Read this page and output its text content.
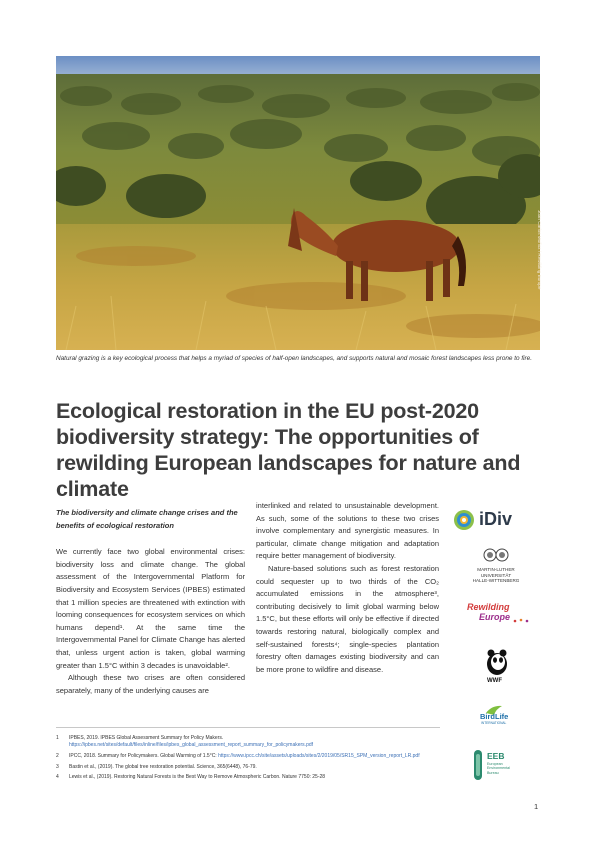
Juan Carlos Muñoz / Rewilding Europe
Natural grazing is a key ecological process that helps a myriad of species of half-open landscapes, and supports natural and mosaic forest landscapes less prone to fire.
Ecological restoration in the EU post-2020 biodiversity strategy: The opportunities of rewilding European landscapes for nature and climate
The biodiversity and climate change crises and the benefits of ecological restoration

We currently face two global environmental crises: biodiversity loss and climate change. The global assessment of the Intergovernmental Platform for Biodiversity and Ecosystem Services (IPBES) estimated that 1 million species are threatened with extinction with looming consequences for ecosystem services on which humans depend¹. At the same time the Intergovernmental Panel for Climate Change has alerted that, unless urgent action is taken, global warming greater than 1.5°C within 3 decades is unavoidable².

Although these two crises are often considered separately, many of the underlying causes are

interlinked and related to unsustainable development. As such, some of the solutions to these two crises involve complementary and synergistic measures. In particular, climate change mitigation and adaptation require better management of biodiversity.

Nature-based solutions such as forest restoration could sequester up to two thirds of the CO₂ accumulated emissions in the atmosphere³, contributing decisively to limit global warming below 1.5°C, but these efforts will only be effective if directed towards restoring natural, biologically complex and self-sustained forests⁴; single-species plantation forestry often damages existing biodiversity and can be more prone to wildfire and disease.

1	IPBES, 2019. IPBES Global Assessment Summary for Policy Makers. https://ipbes.net/sites/default/files/inline/files/ipbes_global_assessment_report_summary_for_policymakers.pdf
2	IPCC, 2018. Summary for Policymakers. Global Warming of 1.5°C: https://www.ipcc.ch/site/assets/uploads/sites/2/2019/05/SR15_SPM_version_report_LR.pdf
3	Bastin et al., (2019). The global tree restoration potential. Science, 365(6448), 76-79.
4	Lewis et al., (2019). Restoring Natural Forests is the Best Way to Remove Atmospheric Carbon. Nature 7750: 25-28
iDiv
MARTIN-LUTHER
UNIVERSITÄT
HALLE-WITTENBERG
Rewilding
Europe
WWF
BirdLife
INTERNATIONAL
EEB
European
Environmental
Bureau
1
